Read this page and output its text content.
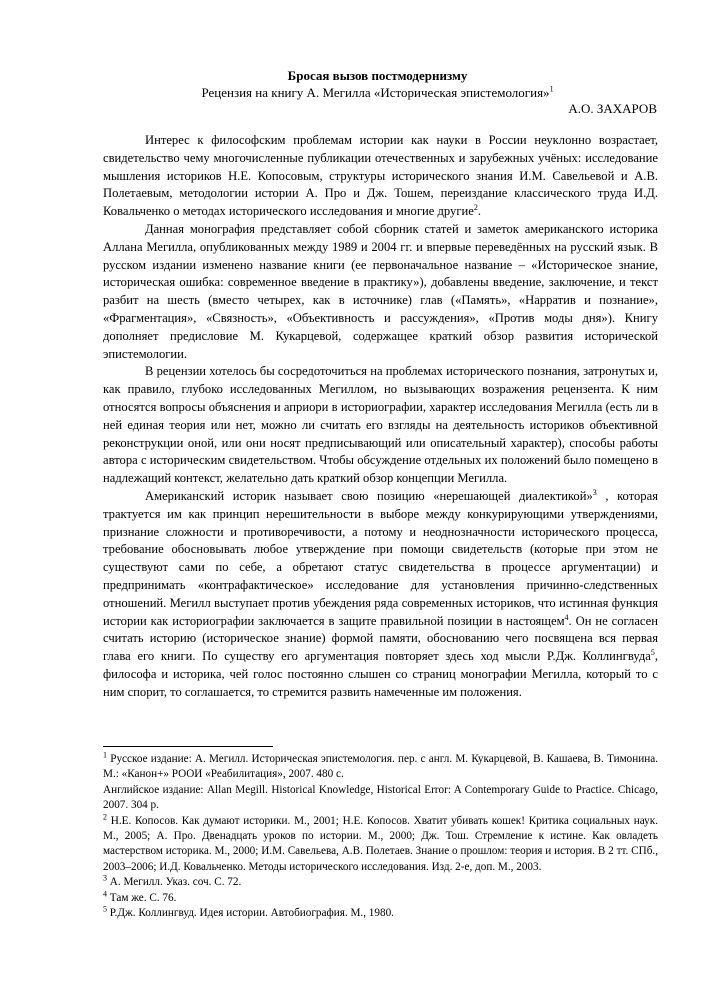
Бросая вызов постмодернизму
Рецензия на книгу А. Мегилла «Историческая эпистемология»$^1$
А.О. ЗАХАРОВ

Интерес к философским проблемам истории как науки в России неуклонно возрастает, свидетельство чему многочисленные публикации отечественных и зарубежных учёных: исследование мышления историков Н.Е. Копосовым, структуры исторического знания И.М. Савельевой и А.В. Полетаевым, методологии истории А. Про и Дж. Тошем, переиздание классического труда И.Д. Ковальченко о методах исторического исследования и многие другие$^2$.

Данная монография представляет собой сборник статей и заметок американского историка Аллана Мегилла, опубликованных между 1989 и 2004 гг. и впервые переведённых на русский язык. В русском издании изменено название книги (ее первоначальное название – «Историческое знание, историческая ошибка: современное введение в практику»), добавлены введение, заключение, и текст разбит на шесть (вместо четырех, как в источнике) глав («Память», «Нарратив и познание», «Фрагментация», «Связность», «Объективность и рассуждения», «Против моды дня»). Книгу дополняет предисловие М. Кукарцевой, содержащее краткий обзор развития исторической эпистемологии.

В рецензии хотелось бы сосредоточиться на проблемах исторического познания, затронутых и, как правило, глубоко исследованных Мегиллом, но вызывающих возражения рецензента. К ним относятся вопросы объяснения и априори в историографии, характер исследования Мегилла (есть ли в ней единая теория или нет, можно ли считать его взгляды на деятельность историков объективной реконструкции оной, или они носят предписывающий или описательный характер), способы работы автора с историческим свидетельством. Чтобы обсуждение отдельных их положений было помещено в надлежащий контекст, желательно дать краткий обзор концепции Мегилла.

Американский историк называет свою позицию «нерешающей диалектикой»$^3$ , которая трактуется им как принцип нерешительности в выборе между конкурирующими утверждениями, признание сложности и противоречивости, а потому и неоднозначности исторического процесса, требование обосновывать любое утверждение при помощи свидетельств (которые при этом не существуют сами по себе, а обретают статус свидетельства в процессе аргументации) и предпринимать «контрафактическое» исследование для установления причинно-следственных отношений. Мегилл выступает против убеждения ряда современных историков, что истинная функция истории как историографии заключается в защите правильной позиции в настоящем$^4$. Он не согласен считать историю (историческое знание) формой памяти, обоснованию чего посвящена вся первая глава его книги. По существу его аргументация повторяет здесь ход мысли Р.Дж. Коллингвуда$^5$, философа и историка, чей голос постоянно слышен со страниц монографии Мегилла, который то с ним спорит, то соглашается, то стремится развить намеченные им положения.

$^1$ Русское издание: А. Мегилл. Историческая эпистемология. пер. с англ. М. Кукарцевой, В. Кашаева, В. Тимонина. М.: «Канон+» РООИ «Реабилитация», 2007. 480 с.

Английское издание: Allan Megill. Historical Knowledge, Historical Error: A Contemporary Guide to Practice. Chicago, 2007. 304 p.

$^2$ Н.Е. Копосов. Как думают историки. М., 2001; Н.Е. Копосов. Хватит убивать кошек! Критика социальных наук. М., 2005; А. Про. Двенадцать уроков по истории. М., 2000; Дж. Тош. Стремление к истине. Как овладеть мастерством историка. М., 2000; И.М. Савельева, А.В. Полетаев. Знание о прошлом: теория и история. В 2 тт. СПб., 2003–2006; И.Д. Ковальченко. Методы исторического исследования. Изд. 2-е, доп. М., 2003.

$^3$ А. Мегилл. Указ. соч. С. 72.

$^4$ Там же. С. 76.

$^5$ Р.Дж. Коллингвуд. Идея истории. Автобиография. М., 1980.
